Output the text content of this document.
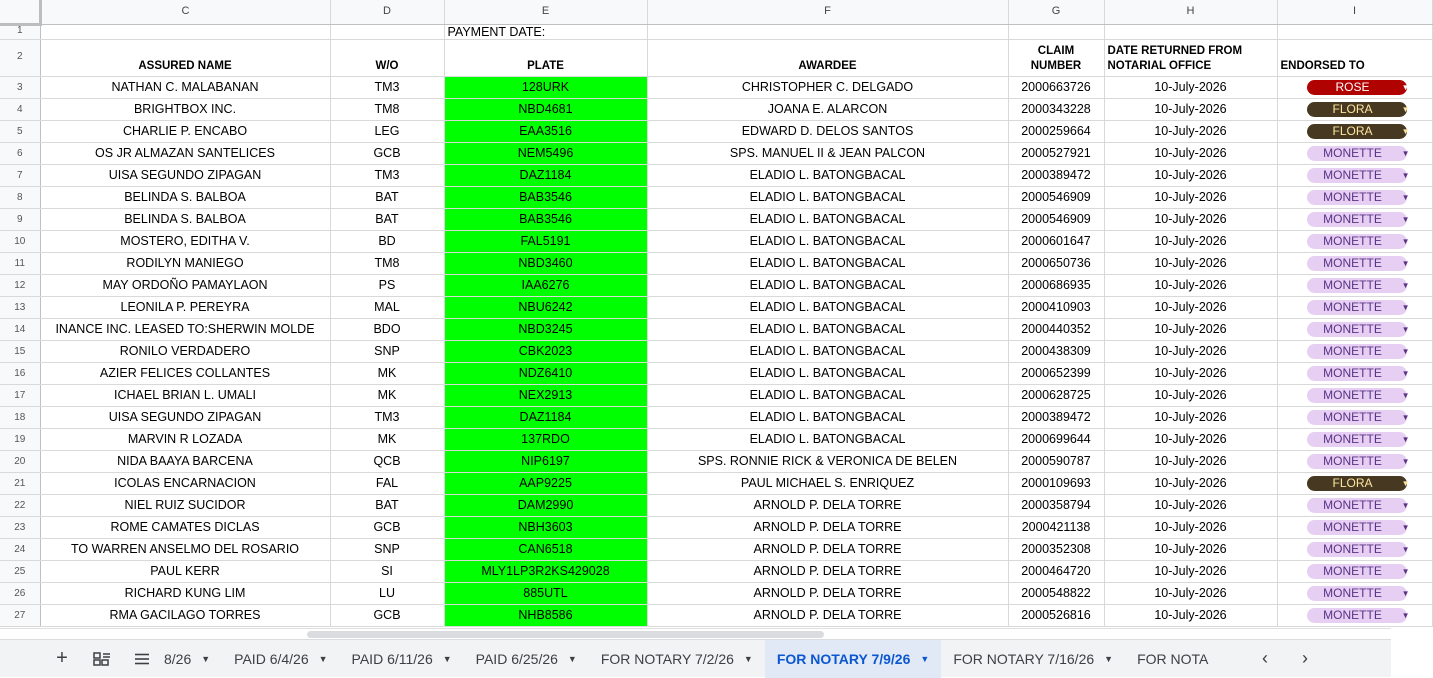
	C	D	E	F	G	H	I
1			PAYMENT DATE:				

2	ASSURED NAME	W/O	PLATE	AWARDEE	CLAIM NUMBER	DATE RETURNED FROM NOTARIAL OFFICE	ENDORSED TO
3	NATHAN C. MALABANAN	TM3	128URK	CHRISTOPHER C. DELGADO	2000663726	10-July-2026	ROSE ▼

4	BRIGHTBOX INC.	TM8	NBD4681	JOANA E. ALARCON	2000343228	10-July-2026	FLORA ▼

5	CHARLIE P. ENCABO	LEG	EAA3516	EDWARD D. DELOS SANTOS	2000259664	10-July-2026	FLORA ▼

6	OS JR ALMAZAN SANTELICES	GCB	NEM5496	SPS. MANUEL II & JEAN PALCON	2000527921	10-July-2026	MONETTE ▼

7	UISA SEGUNDO ZIPAGAN	TM3	DAZ1184	ELADIO L. BATONGBACAL	2000389472	10-July-2026	MONETTE ▼

8	BELINDA S. BALBOA	BAT	BAB3546	ELADIO L. BATONGBACAL	2000546909	10-July-2026	MONETTE ▼

9	BELINDA S. BALBOA	BAT	BAB3546	ELADIO L. BATONGBACAL	2000546909	10-July-2026	MONETTE ▼

10	MOSTERO, EDITHA V.	BD	FAL5191	ELADIO L. BATONGBACAL	2000601647	10-July-2026	MONETTE ▼

11	RODILYN MANIEGO	TM8	NBD3460	ELADIO L. BATONGBACAL	2000650736	10-July-2026	MONETTE ▼

12	MAY ORDOÑO PAMAYLAON	PS	IAA6276	ELADIO L. BATONGBACAL	2000686935	10-July-2026	MONETTE ▼

13	LEONILA P. PEREYRA	MAL	NBU6242	ELADIO L. BATONGBACAL	2000410903	10-July-2026	MONETTE ▼

14	INANCE INC. LEASED TO:SHERWIN MOLDE	BDO	NBD3245	ELADIO L. BATONGBACAL	2000440352	10-July-2026	MONETTE ▼

15	RONILO VERDADERO	SNP	CBK2023	ELADIO L. BATONGBACAL	2000438309	10-July-2026	MONETTE ▼

16	AZIER FELICES COLLANTES	MK	NDZ6410	ELADIO L. BATONGBACAL	2000652399	10-July-2026	MONETTE ▼

17	ICHAEL BRIAN L. UMALI	MK	NEX2913	ELADIO L. BATONGBACAL	2000628725	10-July-2026	MONETTE ▼

18	UISA SEGUNDO ZIPAGAN	TM3	DAZ1184	ELADIO L. BATONGBACAL	2000389472	10-July-2026	MONETTE ▼

19	MARVIN R LOZADA	MK	137RDO	ELADIO L. BATONGBACAL	2000699644	10-July-2026	MONETTE ▼

20	NIDA BAAYA BARCENA	QCB	NIP6197	SPS. RONNIE RICK & VERONICA DE BELEN	2000590787	10-July-2026	MONETTE ▼

21	ICOLAS ENCARNACION	FAL	AAP9225	PAUL MICHAEL S. ENRIQUEZ	2000109693	10-July-2026	FLORA ▼

22	NIEL RUIZ SUCIDOR	BAT	DAM2990	ARNOLD P. DELA TORRE	2000358794	10-July-2026	MONETTE ▼

23	ROME CAMATES DICLAS	GCB	NBH3603	ARNOLD P. DELA TORRE	2000421138	10-July-2026	MONETTE ▼

24	TO WARREN ANSELMO DEL ROSARIO	SNP	CAN6518	ARNOLD P. DELA TORRE	2000352308	10-July-2026	MONETTE ▼

25	PAUL KERR	SI	MLY1LP3R2KS429028	ARNOLD P. DELA TORRE	2000464720	10-July-2026	MONETTE ▼

26	RICHARD KUNG LIM	LU	885UTL	ARNOLD P. DELA TORRE	2000548822	10-July-2026	MONETTE ▼

27	RMA GACILAGO TORRES	GCB	NHB8586	ARNOLD P. DELA TORRE	2000526816	10-July-2026	MONETTE ▼
+	8/26 ▼ PAID 6/4/26 ▼ PAID 6/11/26 ▼ PAID 6/25/26 ▼ FOR NOTARY 7/2/26 ▼ FOR NOTARY 7/9/26 ▼ FOR NOTARY 7/16/26 ▼ FOR NOTA	‹	›
